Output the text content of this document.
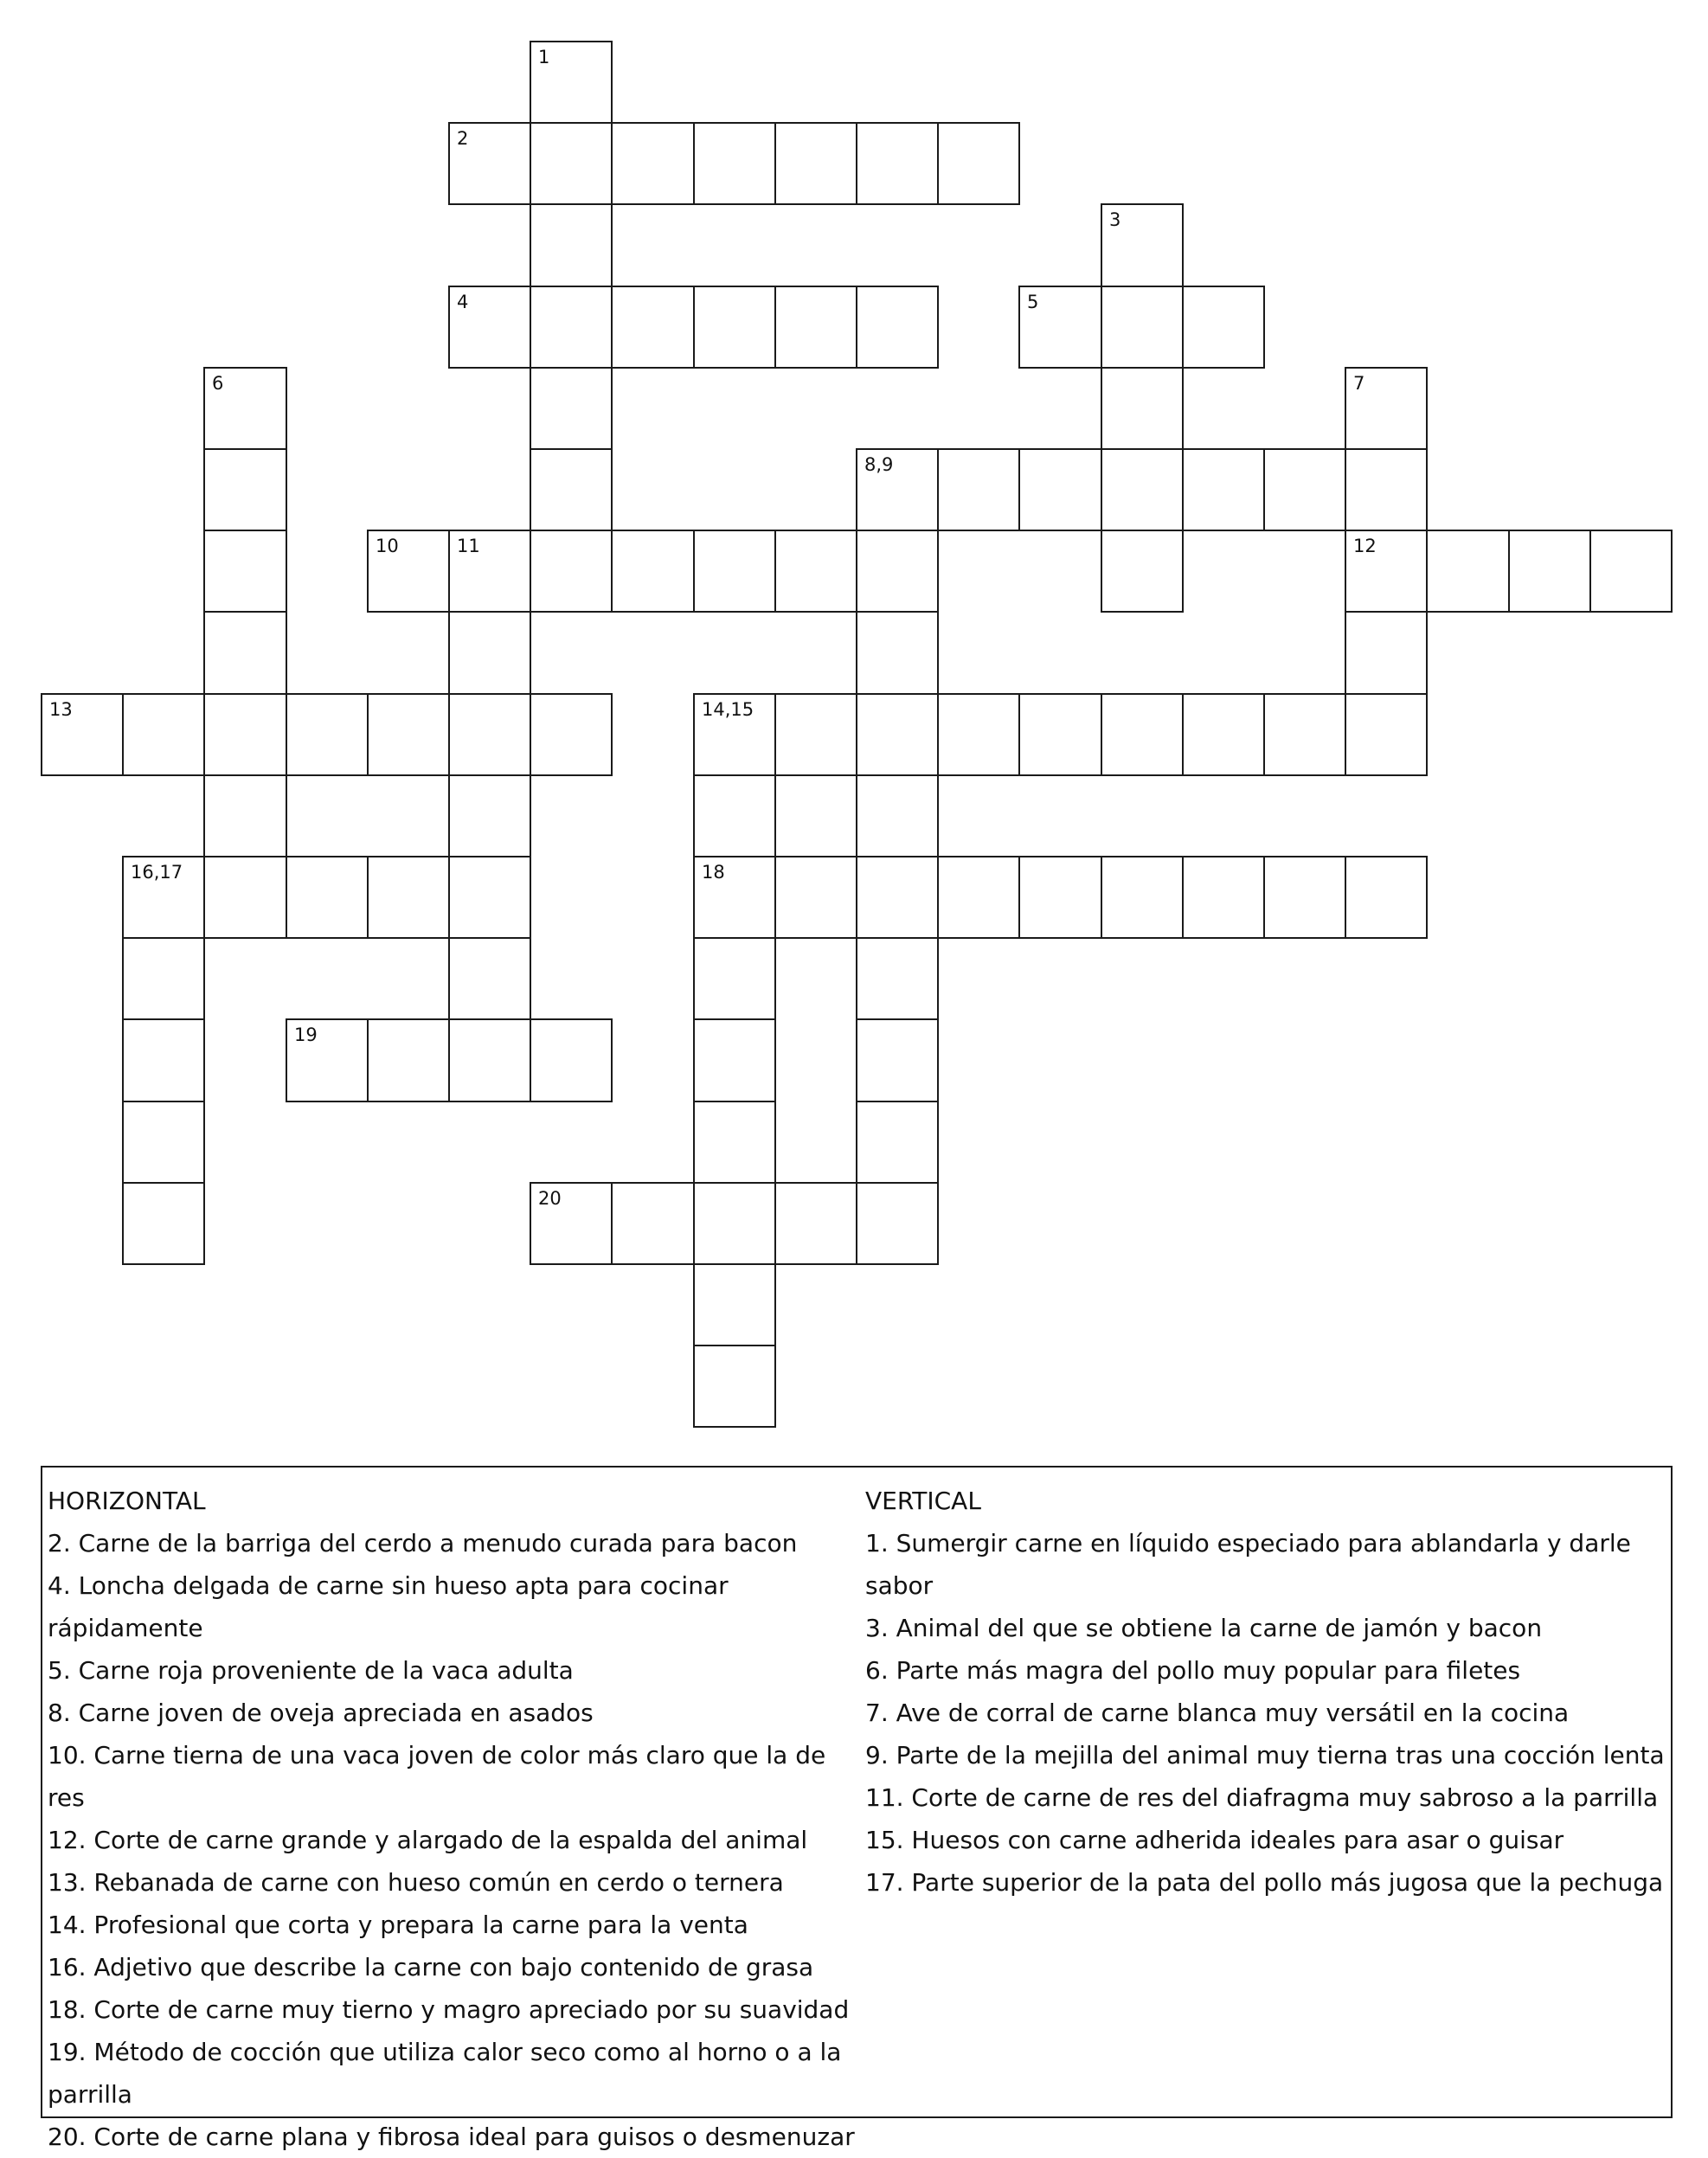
1
2
3
4	5
6	7
12
8,9
10	11
13	14,15
18
16,17
19
20
HORIZONTAL
2. Carne de la barriga del cerdo a menudo curada para bacon
4. Loncha delgada de carne sin hueso apta para cocinar rápidamente
5. Carne roja proveniente de la vaca adulta
8. Carne joven de oveja apreciada en asados
10. Carne tierna de una vaca joven de color más claro que la de res
12. Corte de carne grande y alargado de la espalda del animal
13. Rebanada de carne con hueso común en cerdo o ternera
14. Profesional que corta y prepara la carne para la venta
16. Adjetivo que describe la carne con bajo contenido de grasa
18. Corte de carne muy tierno y magro apreciado por su suavidad
19. Método de cocción que utiliza calor seco como al horno o a la parrilla
20. Corte de carne plana y fibrosa ideal para guisos o desmenuzar
VERTICAL
1. Sumergir carne en líquido especiado para ablandarla y darle sabor
3. Animal del que se obtiene la carne de jamón y bacon
6. Parte más magra del pollo muy popular para filetes
7. Ave de corral de carne blanca muy versátil en la cocina
9. Parte de la mejilla del animal muy tierna tras una cocción lenta
11. Corte de carne de res del diafragma muy sabroso a la parrilla
15. Huesos con carne adherida ideales para asar o guisar
17. Parte superior de la pata del pollo más jugosa que la pechuga
